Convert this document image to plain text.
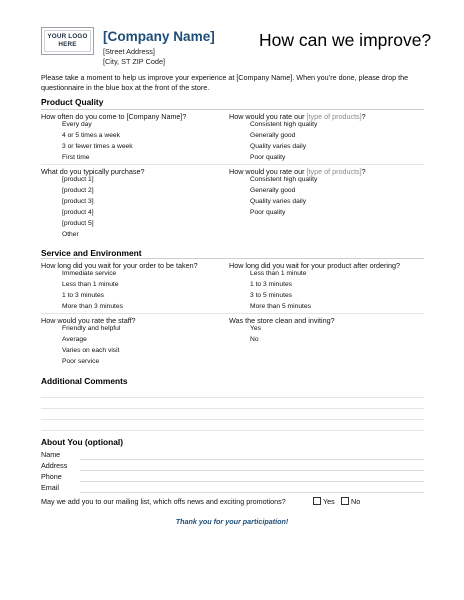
YOUR LOGO
HERE
[Company Name]
[Street Address]
[City, ST ZIP Code]
How can we improve?
Please take a moment to help us improve your experience at [Company Name]. When you’re done, please drop the questionnaire in the blue box at the front of the store.
Product Quality
How often do you come to [Company Name]?
Every day
4 or 5 times a week
3 or fewer times a week
First time
How would you rate our [type of products]?
Consistent high quality
Generally good
Quality varies daily
Poor quality
What do you typically purchase?
[product 1]
[product 2]
[product 3]
[product 4]
[product 5]
Other
How would you rate our [type of products]?
Consistent high quality
Generally good
Quality varies daily
Poor quality
Service and Environment
How long did you wait for your order to be taken?
Immediate service
Less than 1 minute
1 to 3 minutes
More than 3 minutes
How long did you wait for your product after ordering?
Less than 1 minute
1 to 3 minutes
3 to 5 minutes
More than 5 minutes
How would you rate the staff?
Friendly and helpful
Average
Varies on each visit
Poor service
Was the store clean and inviting?
Yes
No
Additional Comments
About You (optional)
Name
Address
Phone
Email
May we add you to our mailing list, which offs news and exciting promotions?	Yes	No
Thank you for your participation!
